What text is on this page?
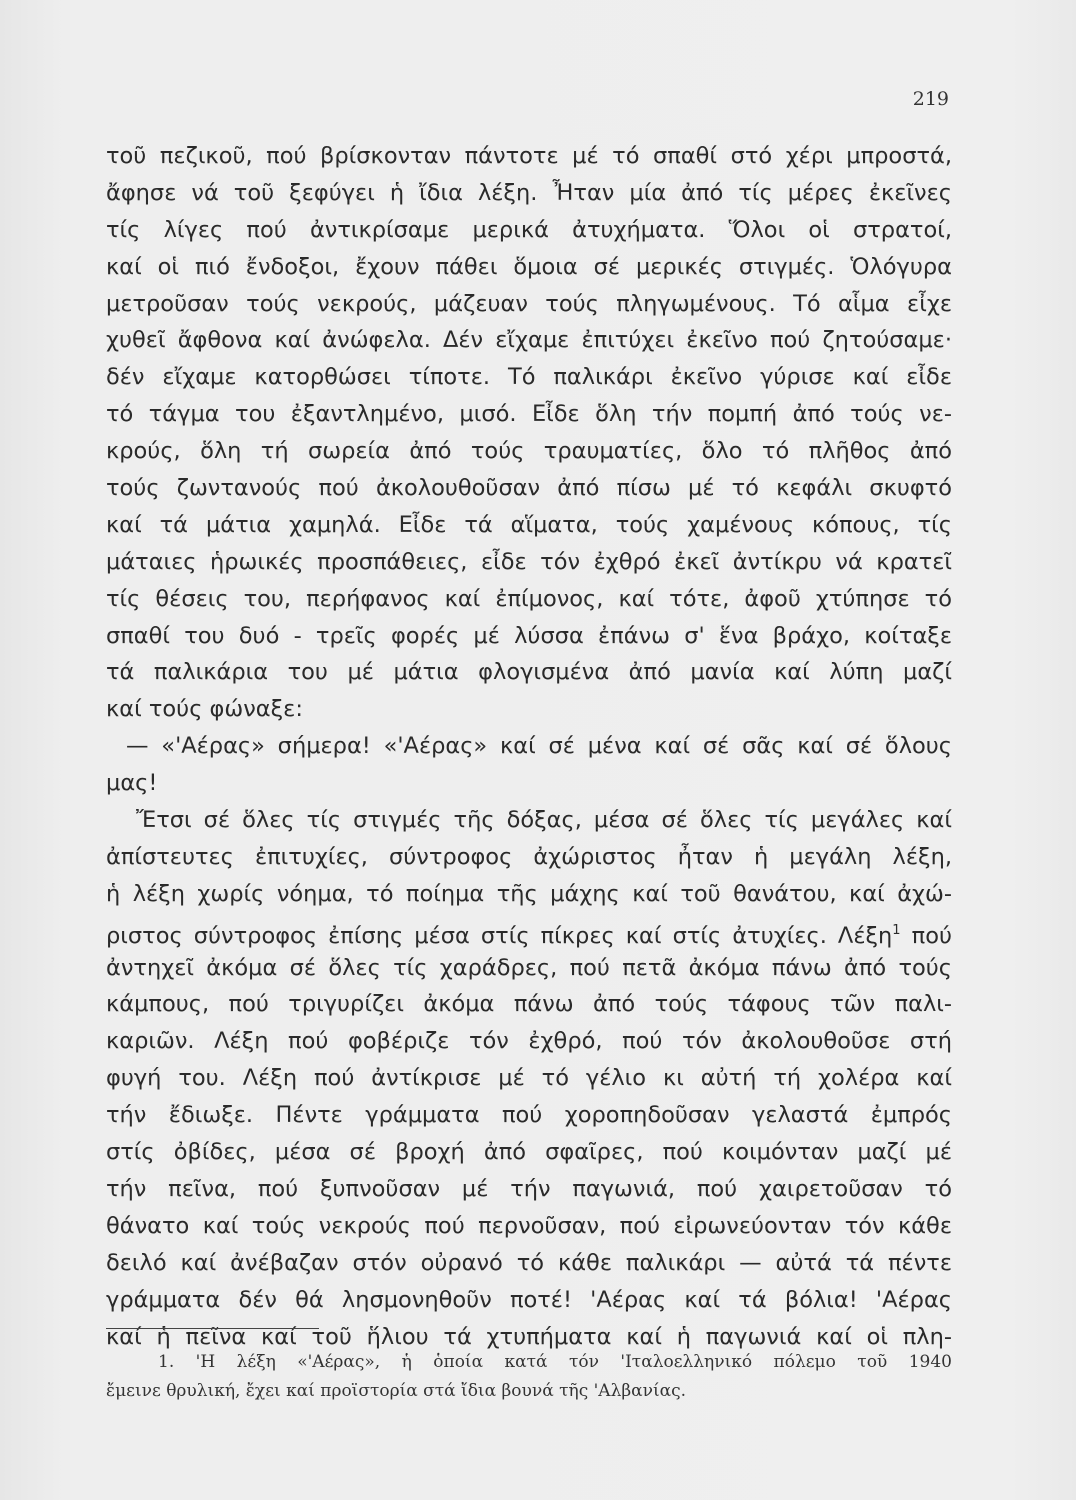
219
τοῦ πεζικοῦ, πού βρίσκονταν πάντοτε μέ τό σπαθί στό χέρι μπροστά,
ἄφησε νά τοῦ ξεφύγει ἡ ἴδια λέξη. Ἦταν μία ἀπό τίς μέρες ἐκεῖνες
τίς λίγες πού ἀντικρίσαμε μερικά ἀτυχήματα. Ὅλοι οἱ στρατοί,
καί οἱ πιό ἔνδοξοι, ἔχουν πάθει ὅμοια σέ μερικές στιγμές. Ὁλόγυρα
μετροῦσαν τούς νεκρούς, μάζευαν τούς πληγωμένους. Τό αἷμα εἶχε
χυθεῖ ἄφθονα καί ἀνώφελα. Δέν εἴχαμε ἐπιτύχει ἐκεῖνο πού ζητούσαμε·
δέν εἴχαμε κατορθώσει τίποτε. Τό παλικάρι ἐκεῖνο γύρισε καί εἶδε
τό τάγμα του ἐξαντλημένο, μισό. Εἶδε ὅλη τήν πομπή ἀπό τούς νε-
κρούς, ὅλη τή σωρεία ἀπό τούς τραυματίες, ὅλο τό πλῆθος ἀπό
τούς ζωντανούς πού ἀκολουθοῦσαν ἀπό πίσω μέ τό κεφάλι σκυφτό
καί τά μάτια χαμηλά. Εἶδε τά αἵματα, τούς χαμένους κόπους, τίς
μάταιες ἡρωικές προσπάθειες, εἶδε τόν ἐχθρό ἐκεῖ ἀντίκρυ νά κρατεῖ
τίς θέσεις του, περήφανος καί ἐπίμονος, καί τότε, ἀφοῦ χτύπησε τό
σπαθί του δυό - τρεῖς φορές μέ λύσσα ἐπάνω σ' ἕνα βράχο, κοίταξε
τά παλικάρια του μέ μάτια φλογισμένα ἀπό μανία καί λύπη μαζί
καί τούς φώναξε:
— «'Αέρας» σήμερα! «'Αέρας» καί σέ μένα καί σέ σᾶς καί σέ ὅλους
μας!
Ἔτσι σέ ὅλες τίς στιγμές τῆς δόξας, μέσα σέ ὅλες τίς μεγάλες καί
ἀπίστευτες ἐπιτυχίες, σύντροφος ἀχώριστος ἦταν ἡ μεγάλη λέξη,
ἡ λέξη χωρίς νόημα, τό ποίημα τῆς μάχης καί τοῦ θανάτου, καί ἀχώ-
ριστος σύντροφος ἐπίσης μέσα στίς πίκρες καί στίς ἀτυχίες. Λέξη$^1$ πού
ἀντηχεῖ ἀκόμα σέ ὅλες τίς χαράδρες, πού πετᾶ ἀκόμα πάνω ἀπό τούς
κάμπους, πού τριγυρίζει ἀκόμα πάνω ἀπό τούς τάφους τῶν παλι-
καριῶν. Λέξη πού φοβέριζε τόν ἐχθρό, πού τόν ἀκολουθοῦσε στή
φυγή του. Λέξη πού ἀντίκρισε μέ τό γέλιο κι αὐτή τή χολέρα καί
τήν ἔδιωξε. Πέντε γράμματα πού χοροπηδοῦσαν γελαστά ἐμπρός
στίς ὀβίδες, μέσα σέ βροχή ἀπό σφαῖρες, πού κοιμόνταν μαζί μέ
τήν πεῖνα, πού ξυπνοῦσαν μέ τήν παγωνιά, πού χαιρετοῦσαν τό
θάνατο καί τούς νεκρούς πού περνοῦσαν, πού εἰρωνεύονταν τόν κάθε
δειλό καί ἀνέβαζαν στόν οὐρανό τό κάθε παλικάρι — αὐτά τά πέντε
γράμματα δέν θά λησμονηθοῦν ποτέ! 'Αέρας καί τά βόλια! 'Αέρας
καί ἡ πεῖνα καί τοῦ ἥλιου τά χτυπήματα καί ἡ παγωνιά καί οἱ πλη-
1. 'Η λέξη «'Αέρας», ἡ ὁποία κατά τόν 'Ιταλοελληνικό πόλεμο τοῦ 1940
ἔμεινε θρυλική, ἔχει καί προϊστορία στά ἴδια βουνά τῆς 'Αλβανίας.
